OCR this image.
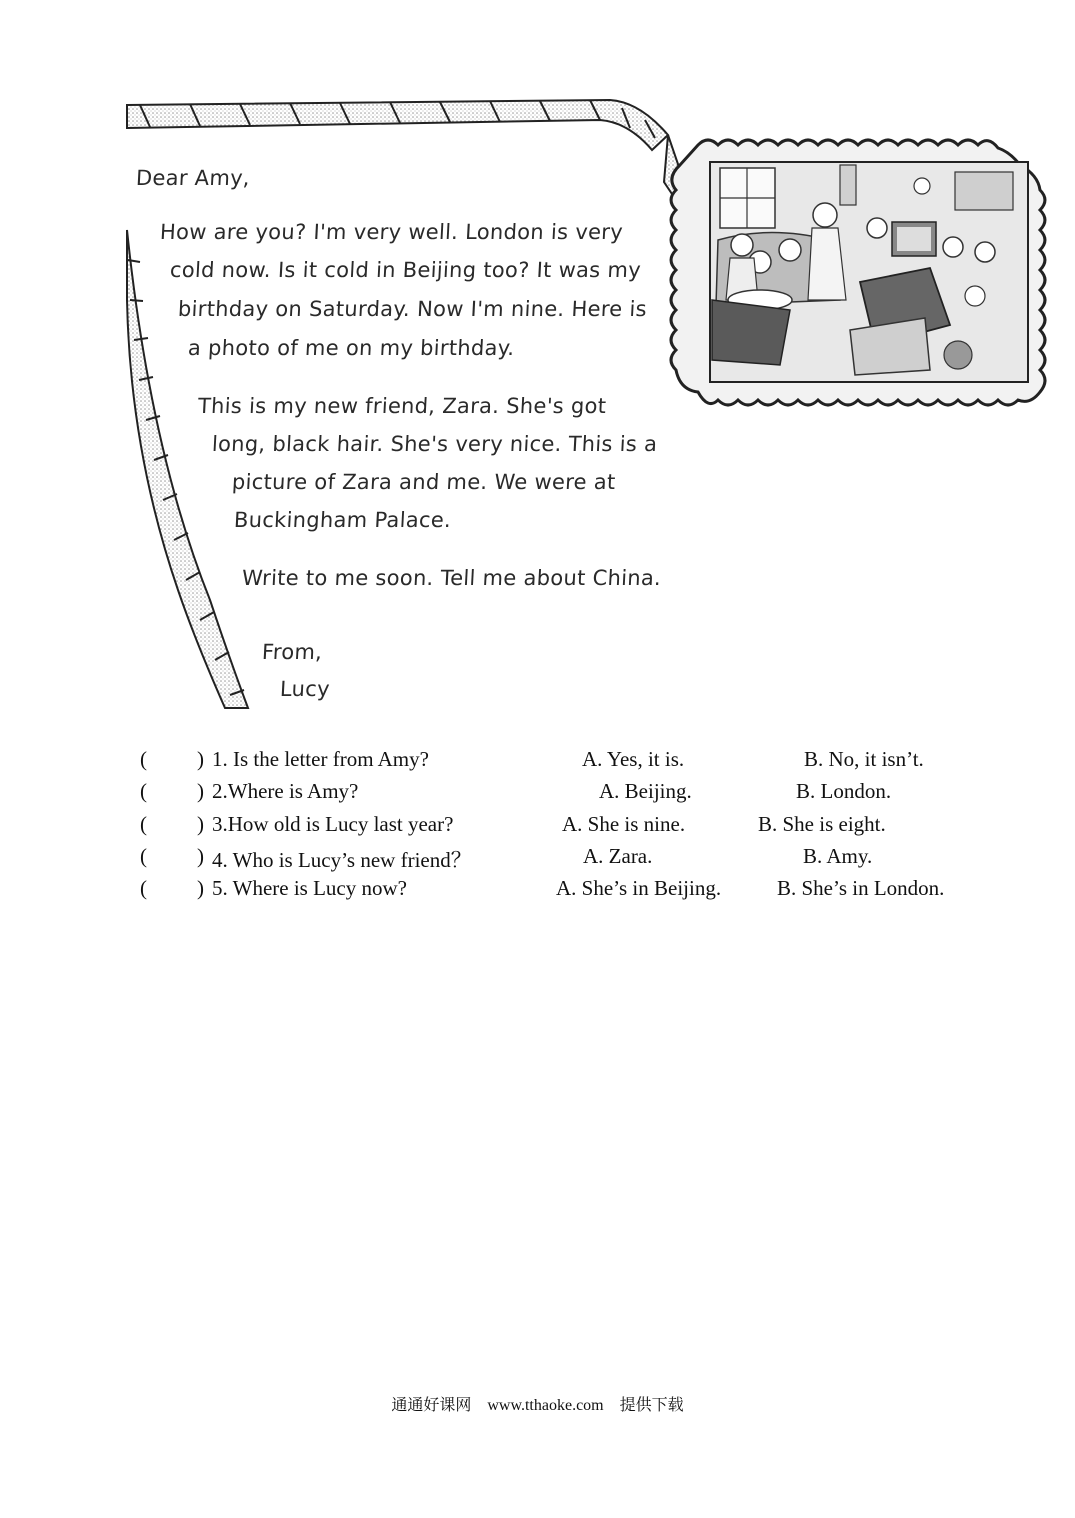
Dear Amy,
How are you? I'm very well. London is very
cold now. Is it cold in Beijing too? It was my
birthday on Saturday. Now I'm nine. Here is
a photo of me on my birthday.
This is my new friend, Zara. She's got
long, black hair. She's very nice. This is a
picture of Zara and me. We were at
Buckingham Palace.
Write to me soon. Tell me about China.
From,
Lucy
( ) 1. Is the letter from Amy?	A. Yes, it is.	B. No, it isn’t.
( ) 2.Where is Amy?	A. Beijing.	B. London.
( ) 3.How old is Lucy last year?	A. She is nine.	B. She is eight.
( ) 4. Who is Lucy’s new friend？	A. Zara.	B. Amy.
( ) 5. Where is Lucy now?	A. She’s in Beijing.	B. She’s in London.
通通好课网 www.tthaoke.com 提供下载
